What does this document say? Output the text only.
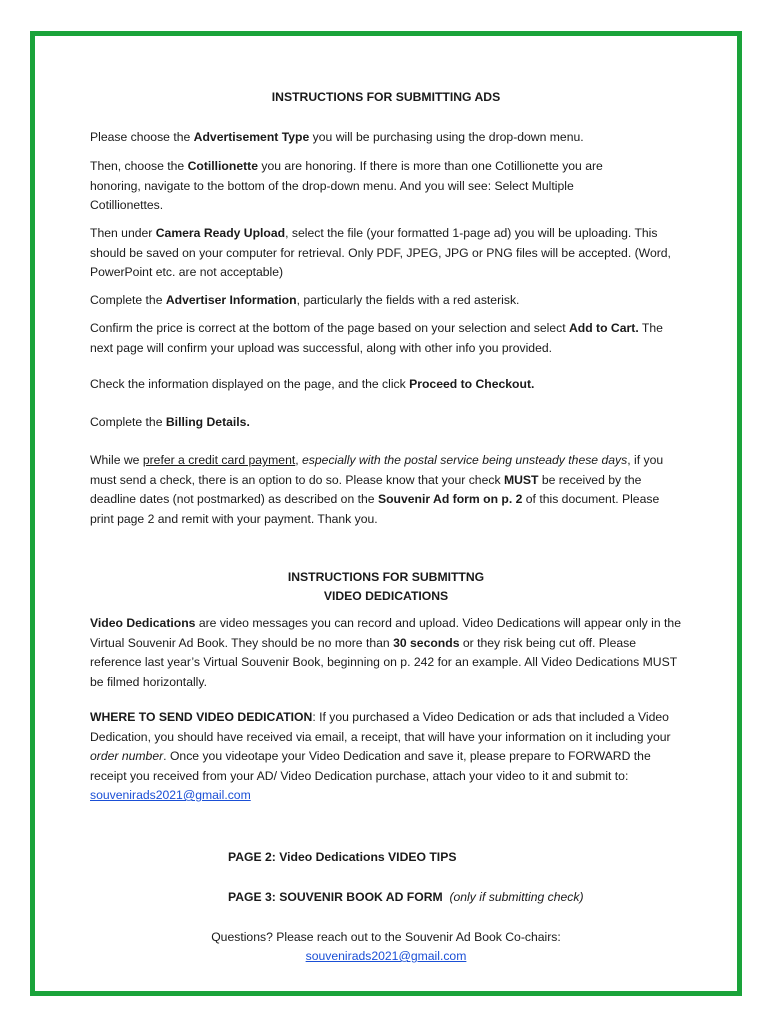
INSTRUCTIONS FOR SUBMITTING ADS

Please choose the Advertisement Type you will be purchasing using the drop-down menu.

Then, choose the Cotillionette you are honoring. If there is more than one Cotillionette you are honoring, navigate to the bottom of the drop-down menu. And you will see: Select Multiple Cotillionettes.

Then under Camera Ready Upload, select the file (your formatted 1-page ad) you will be uploading. This should be saved on your computer for retrieval. Only PDF, JPEG, JPG or PNG files will be accepted. (Word, PowerPoint etc. are not acceptable)

Complete the Advertiser Information, particularly the fields with a red asterisk.

Confirm the price is correct at the bottom of the page based on your selection and select Add to Cart. The next page will confirm your upload was successful, along with other info you provided.

Check the information displayed on the page, and the click Proceed to Checkout.

Complete the Billing Details.

While we prefer a credit card payment, especially with the postal service being unsteady these days, if you must send a check, there is an option to do so. Please know that your check MUST be received by the deadline dates (not postmarked) as described on the Souvenir Ad form on p. 2 of this document. Please print page 2 and remit with your payment. Thank you.

INSTRUCTIONS FOR SUBMITTNG
VIDEO DEDICATIONS

Video Dedications are video messages you can record and upload. Video Dedications will appear only in the Virtual Souvenir Ad Book. They should be no more than 30 seconds or they risk being cut off. Please reference last year’s Virtual Souvenir Book, beginning on p. 242 for an example. All Video Dedications MUST be filmed horizontally.

WHERE TO SEND VIDEO DEDICATION: If you purchased a Video Dedication or ads that included a Video Dedication, you should have received via email, a receipt, that will have your information on it including your order number. Once you videotape your Video Dedication and save it, please prepare to FORWARD the receipt you received from your AD/ Video Dedication purchase, attach your video to it and submit to: souvenirads2021@gmail.com

PAGE 2: Video Dedications VIDEO TIPS
PAGE 3: SOUVENIR BOOK AD FORM (only if submitting check)
Questions? Please reach out to the Souvenir Ad Book Co-chairs:
souvenirads2021@gmail.com
